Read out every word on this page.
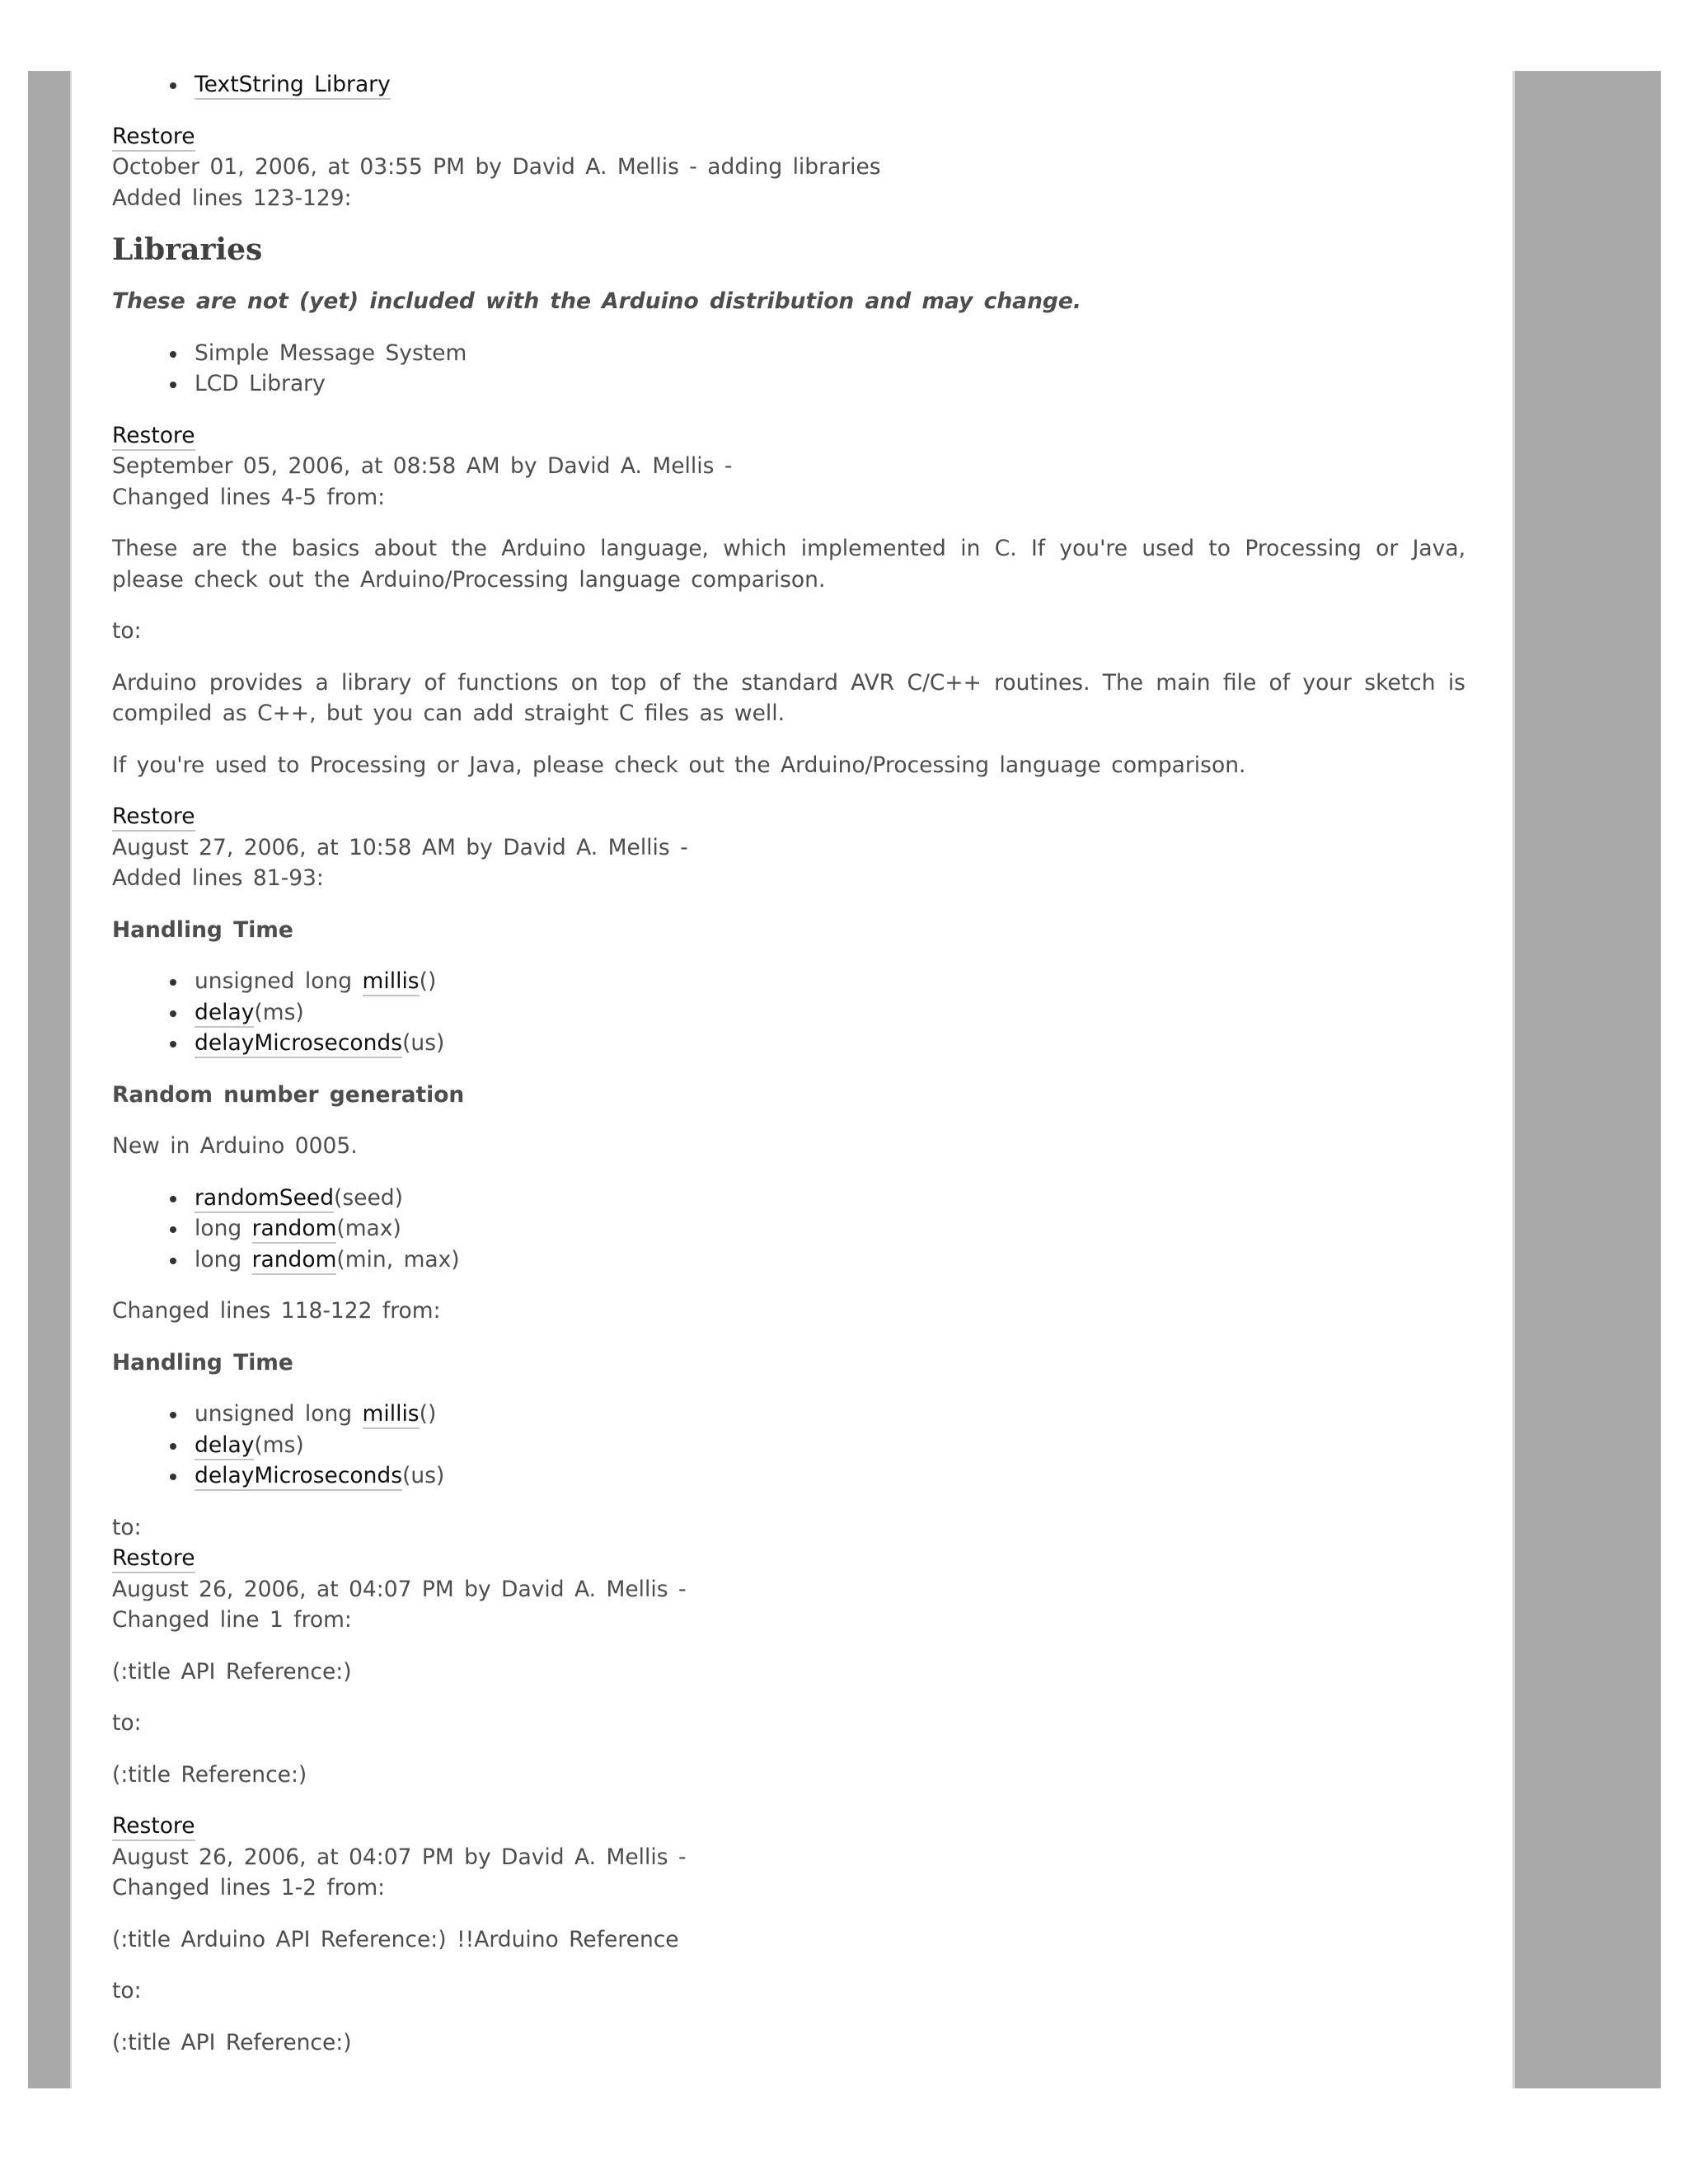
TextString Library
Restore
October 01, 2006, at 03:55 PM by David A. Mellis - adding libraries
Added lines 123-129:
Libraries

These are not (yet) included with the Arduino distribution and may change.

Simple Message System
LCD Library
Restore
September 05, 2006, at 08:58 AM by David A. Mellis -
Changed lines 4-5 from:

These are the basics about the Arduino language, which implemented in C. If you're used to Processing or Java, please check out the Arduino/Processing language comparison.

to:

Arduino provides a library of functions on top of the standard AVR C/C++ routines. The main file of your sketch is compiled as C++, but you can add straight C files as well.

If you're used to Processing or Java, please check out the Arduino/Processing language comparison.

Restore
August 27, 2006, at 10:58 AM by David A. Mellis -
Added lines 81-93:

Handling Time

unsigned long millis()
delay(ms)
delayMicroseconds(us)

Random number generation

New in Arduino 0005.

randomSeed(seed)
long random(max)
long random(min, max)

Changed lines 118-122 from:

Handling Time

unsigned long millis()
delay(ms)
delayMicroseconds(us)
to:
Restore
August 26, 2006, at 04:07 PM by David A. Mellis -
Changed line 1 from:

(:title API Reference:)

to:

(:title Reference:)

Restore
August 26, 2006, at 04:07 PM by David A. Mellis -
Changed lines 1-2 from:

(:title Arduino API Reference:) !!Arduino Reference

to:

(:title API Reference:)
